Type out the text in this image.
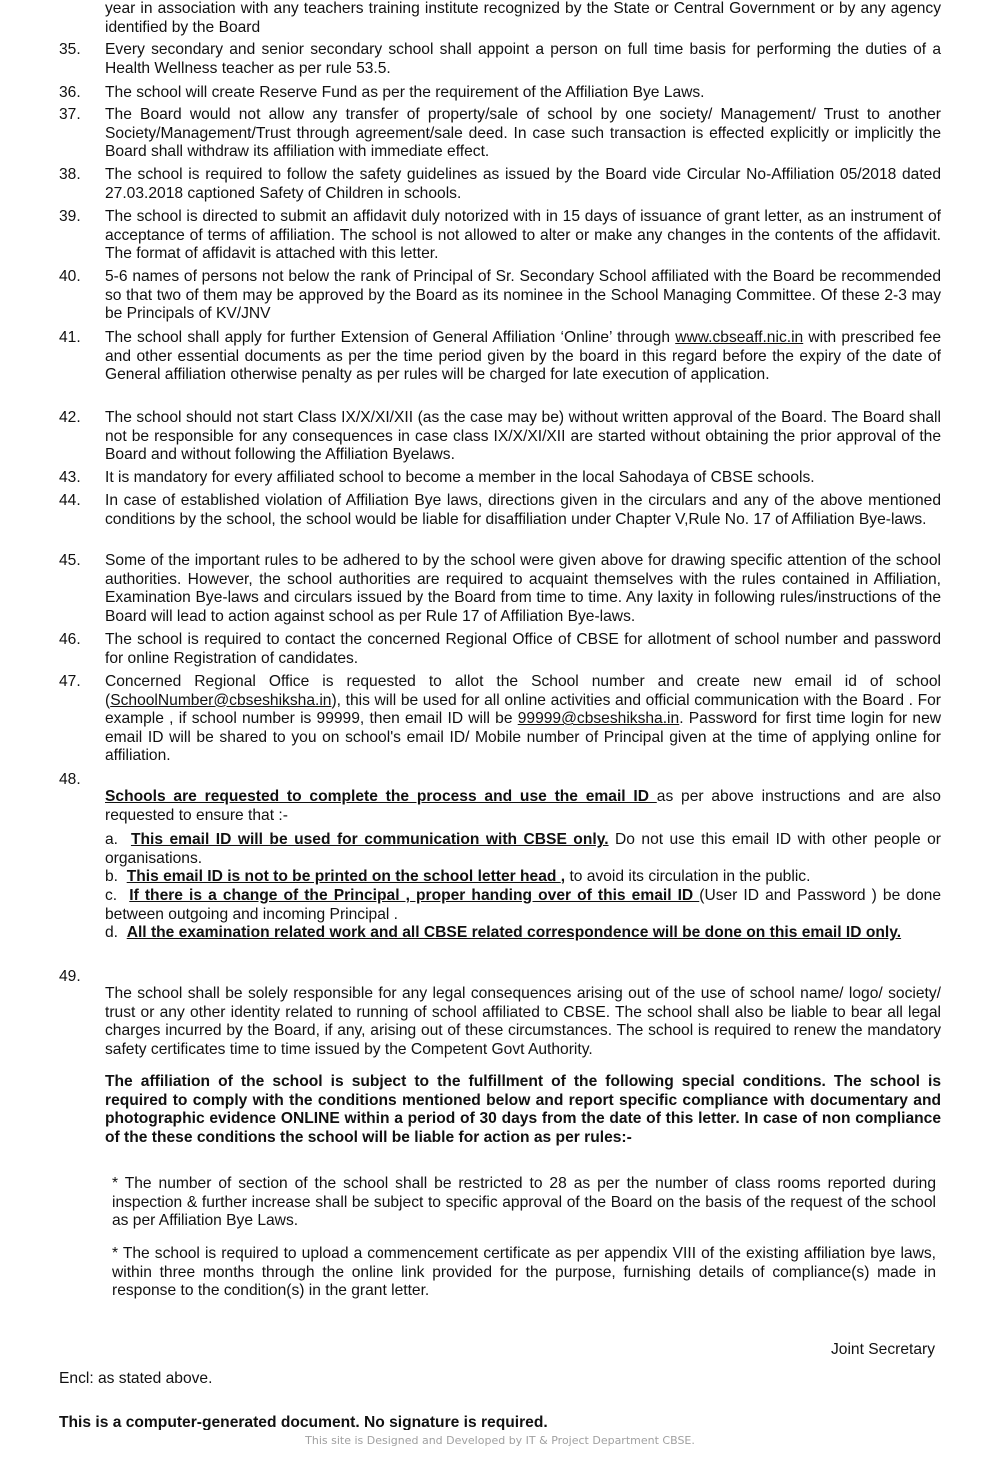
year in association with any teachers training institute recognized by the State or Central Government or by any agency identified by the Board
35. Every secondary and senior secondary school shall appoint a person on full time basis for performing the duties of a Health Wellness teacher as per rule 53.5.
36. The school will create Reserve Fund as per the requirement of the Affiliation Bye Laws.
37. The Board would not allow any transfer of property/sale of school by one society/ Management/ Trust to another Society/Management/Trust through agreement/sale deed. In case such transaction is effected explicitly or implicitly the Board shall withdraw its affiliation with immediate effect.
38. The school is required to follow the safety guidelines as issued by the Board vide Circular No-Affiliation 05/2018 dated 27.03.2018 captioned Safety of Children in schools.
39. The school is directed to submit an affidavit duly notorized with in 15 days of issuance of grant letter, as an instrument of acceptance of terms of affiliation. The school is not allowed to alter or make any changes in the contents of the affidavit. The format of affidavit is attached with this letter.
40. 5-6 names of persons not below the rank of Principal of Sr. Secondary School affiliated with the Board be recommended so that two of them may be approved by the Board as its nominee in the School Managing Committee. Of these 2-3 may be Principals of KV/JNV
41. The school shall apply for further Extension of General Affiliation ‘Online’ through www.cbseaff.nic.in with prescribed fee and other essential documents as per the time period given by the board in this regard before the expiry of the date of General affiliation otherwise penalty as per rules will be charged for late execution of application.
42. The school should not start Class IX/X/XI/XII (as the case may be) without written approval of the Board. The Board shall not be responsible for any consequences in case class IX/X/XI/XII are started without obtaining the prior approval of the Board and without following the Affiliation Byelaws.
43. It is mandatory for every affiliated school to become a member in the local Sahodaya of CBSE schools.
44. In case of established violation of Affiliation Bye laws, directions given in the circulars and any of the above mentioned conditions by the school, the school would be liable for disaffiliation under Chapter V,Rule No. 17 of Affiliation Bye-laws.
45. Some of the important rules to be adhered to by the school were given above for drawing specific attention of the school authorities. However, the school authorities are required to acquaint themselves with the rules contained in Affiliation, Examination Bye-laws and circulars issued by the Board from time to time. Any laxity in following rules/instructions of the Board will lead to action against school as per Rule 17 of Affiliation Bye-laws.
46. The school is required to contact the concerned Regional Office of CBSE for allotment of school number and password for online Registration of candidates.
47. Concerned Regional Office is requested to allot the School number and create new email id of school (SchoolNumber@cbseshiksha.in), this will be used for all online activities and official communication with the Board . For example , if school number is 99999, then email ID will be 99999@cbseshiksha.in. Password for first time login for new email ID will be shared to you on school's email ID/ Mobile number of Principal given at the time of applying online for affiliation.
48.
Schools are requested to complete the process and use the email ID as per above instructions and are also requested to ensure that :-
a. This email ID will be used for communication with CBSE only. Do not use this email ID with other people or organisations.
b. This email ID is not to be printed on the school letter head , to avoid its circulation in the public.
c. If there is a change of the Principal , proper handing over of this email ID (User ID and Password ) be done between outgoing and incoming Principal .
d. All the examination related work and all CBSE related correspondence will be done on this email ID only.
49.
The school shall be solely responsible for any legal consequences arising out of the use of school name/ logo/ society/ trust or any other identity related to running of school affiliated to CBSE. The school shall also be liable to bear all legal charges incurred by the Board, if any, arising out of these circumstances. The school is required to renew the mandatory safety certificates time to time issued by the Competent Govt Authority.
The affiliation of the school is subject to the fulfillment of the following special conditions. The school is required to comply with the conditions mentioned below and report specific compliance with documentary and photographic evidence ONLINE within a period of 30 days from the date of this letter. In case of non compliance of the these conditions the school will be liable for action as per rules:-
* The number of section of the school shall be restricted to 28 as per the number of class rooms reported during inspection & further increase shall be subject to specific approval of the Board on the basis of the request of the school as per Affiliation Bye Laws.
* The school is required to upload a commencement certificate as per appendix VIII of the existing affiliation bye laws, within three months through the online link provided for the purpose, furnishing details of compliance(s) made in response to the condition(s) in the grant letter.
Joint Secretary
Encl: as stated above.
This is a computer-generated document. No signature is required.
This site is Designed and Developed by IT & Project Department CBSE.
